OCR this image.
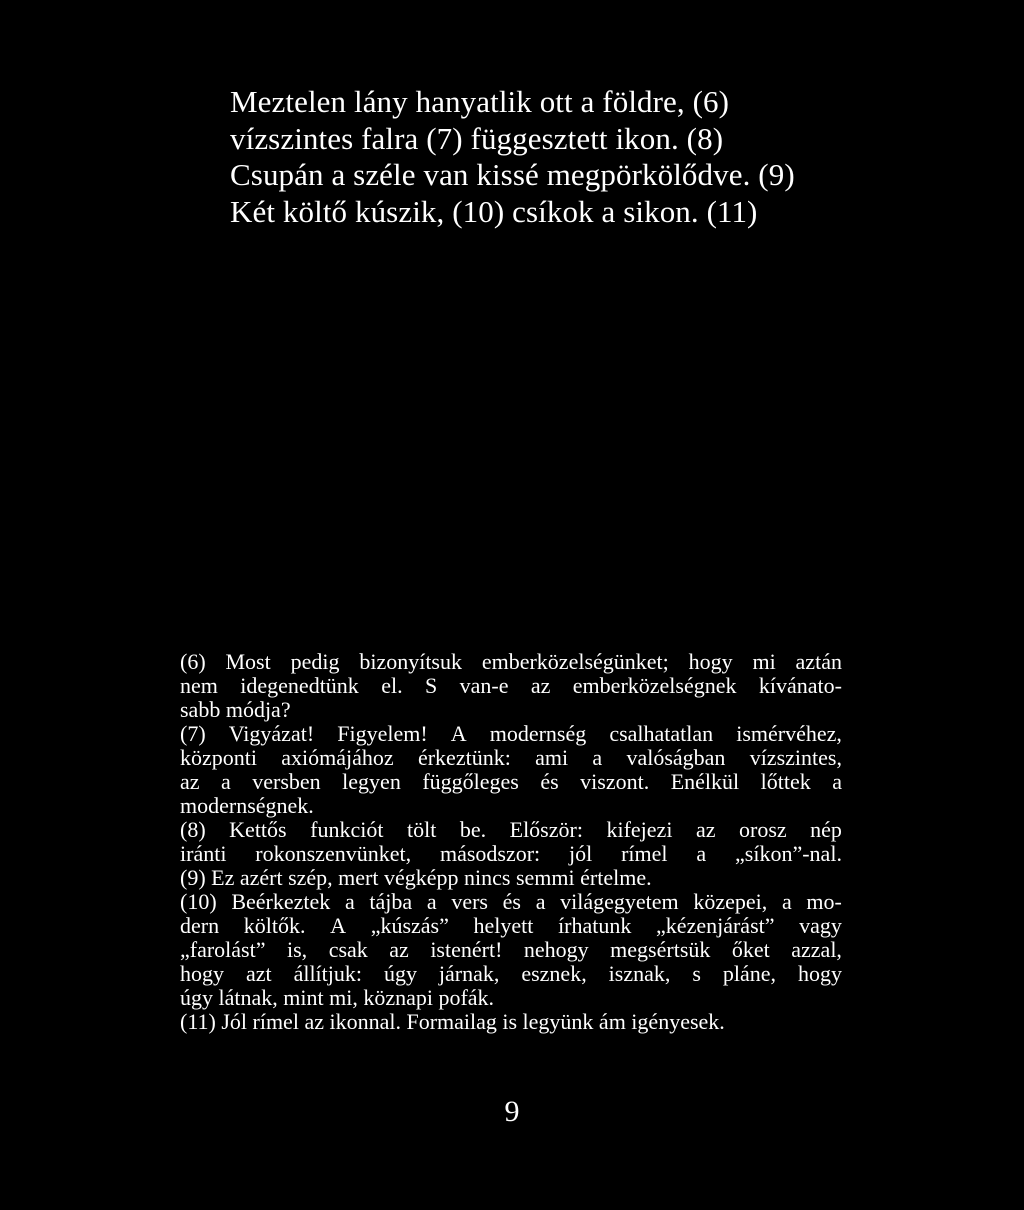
Meztelen lány hanyatlik ott a földre, (6)
vízszintes falra (7) függesztett ikon. (8)
Csupán a széle van kissé megpörkölődve. (9)
Két költő kúszik, (10) csíkok a sikon. (11)
(6) Most pedig bizonyítsuk emberközelségünket; hogy mi aztán
nem idegenedtünk el. S van-e az emberközelségnek kívánato-
sabb módja?
(7) Vigyázat! Figyelem! A modernség csalhatatlan ismérvéhez,
központi axiómájához érkeztünk: ami a valóságban vízszintes,
az a versben legyen függőleges és viszont. Enélkül lőttek a
modernségnek.
(8) Kettős funkciót tölt be. Először: kifejezi az orosz nép
iránti rokonszenvünket, másodszor: jól rímel a „síkon”-nal.
(9) Ez azért szép, mert végképp nincs semmi értelme.
(10) Beérkeztek a tájba a vers és a világegyetem közepei, a mo-
dern költők. A „kúszás” helyett írhatunk „kézenjárást” vagy
„farolást” is, csak az istenért! nehogy megsértsük őket azzal,
hogy azt állítjuk: úgy járnak, esznek, isznak, s pláne, hogy
úgy látnak, mint mi, köznapi pofák.
(11) Jól rímel az ikonnal. Formailag is legyünk ám igényesek.
9
